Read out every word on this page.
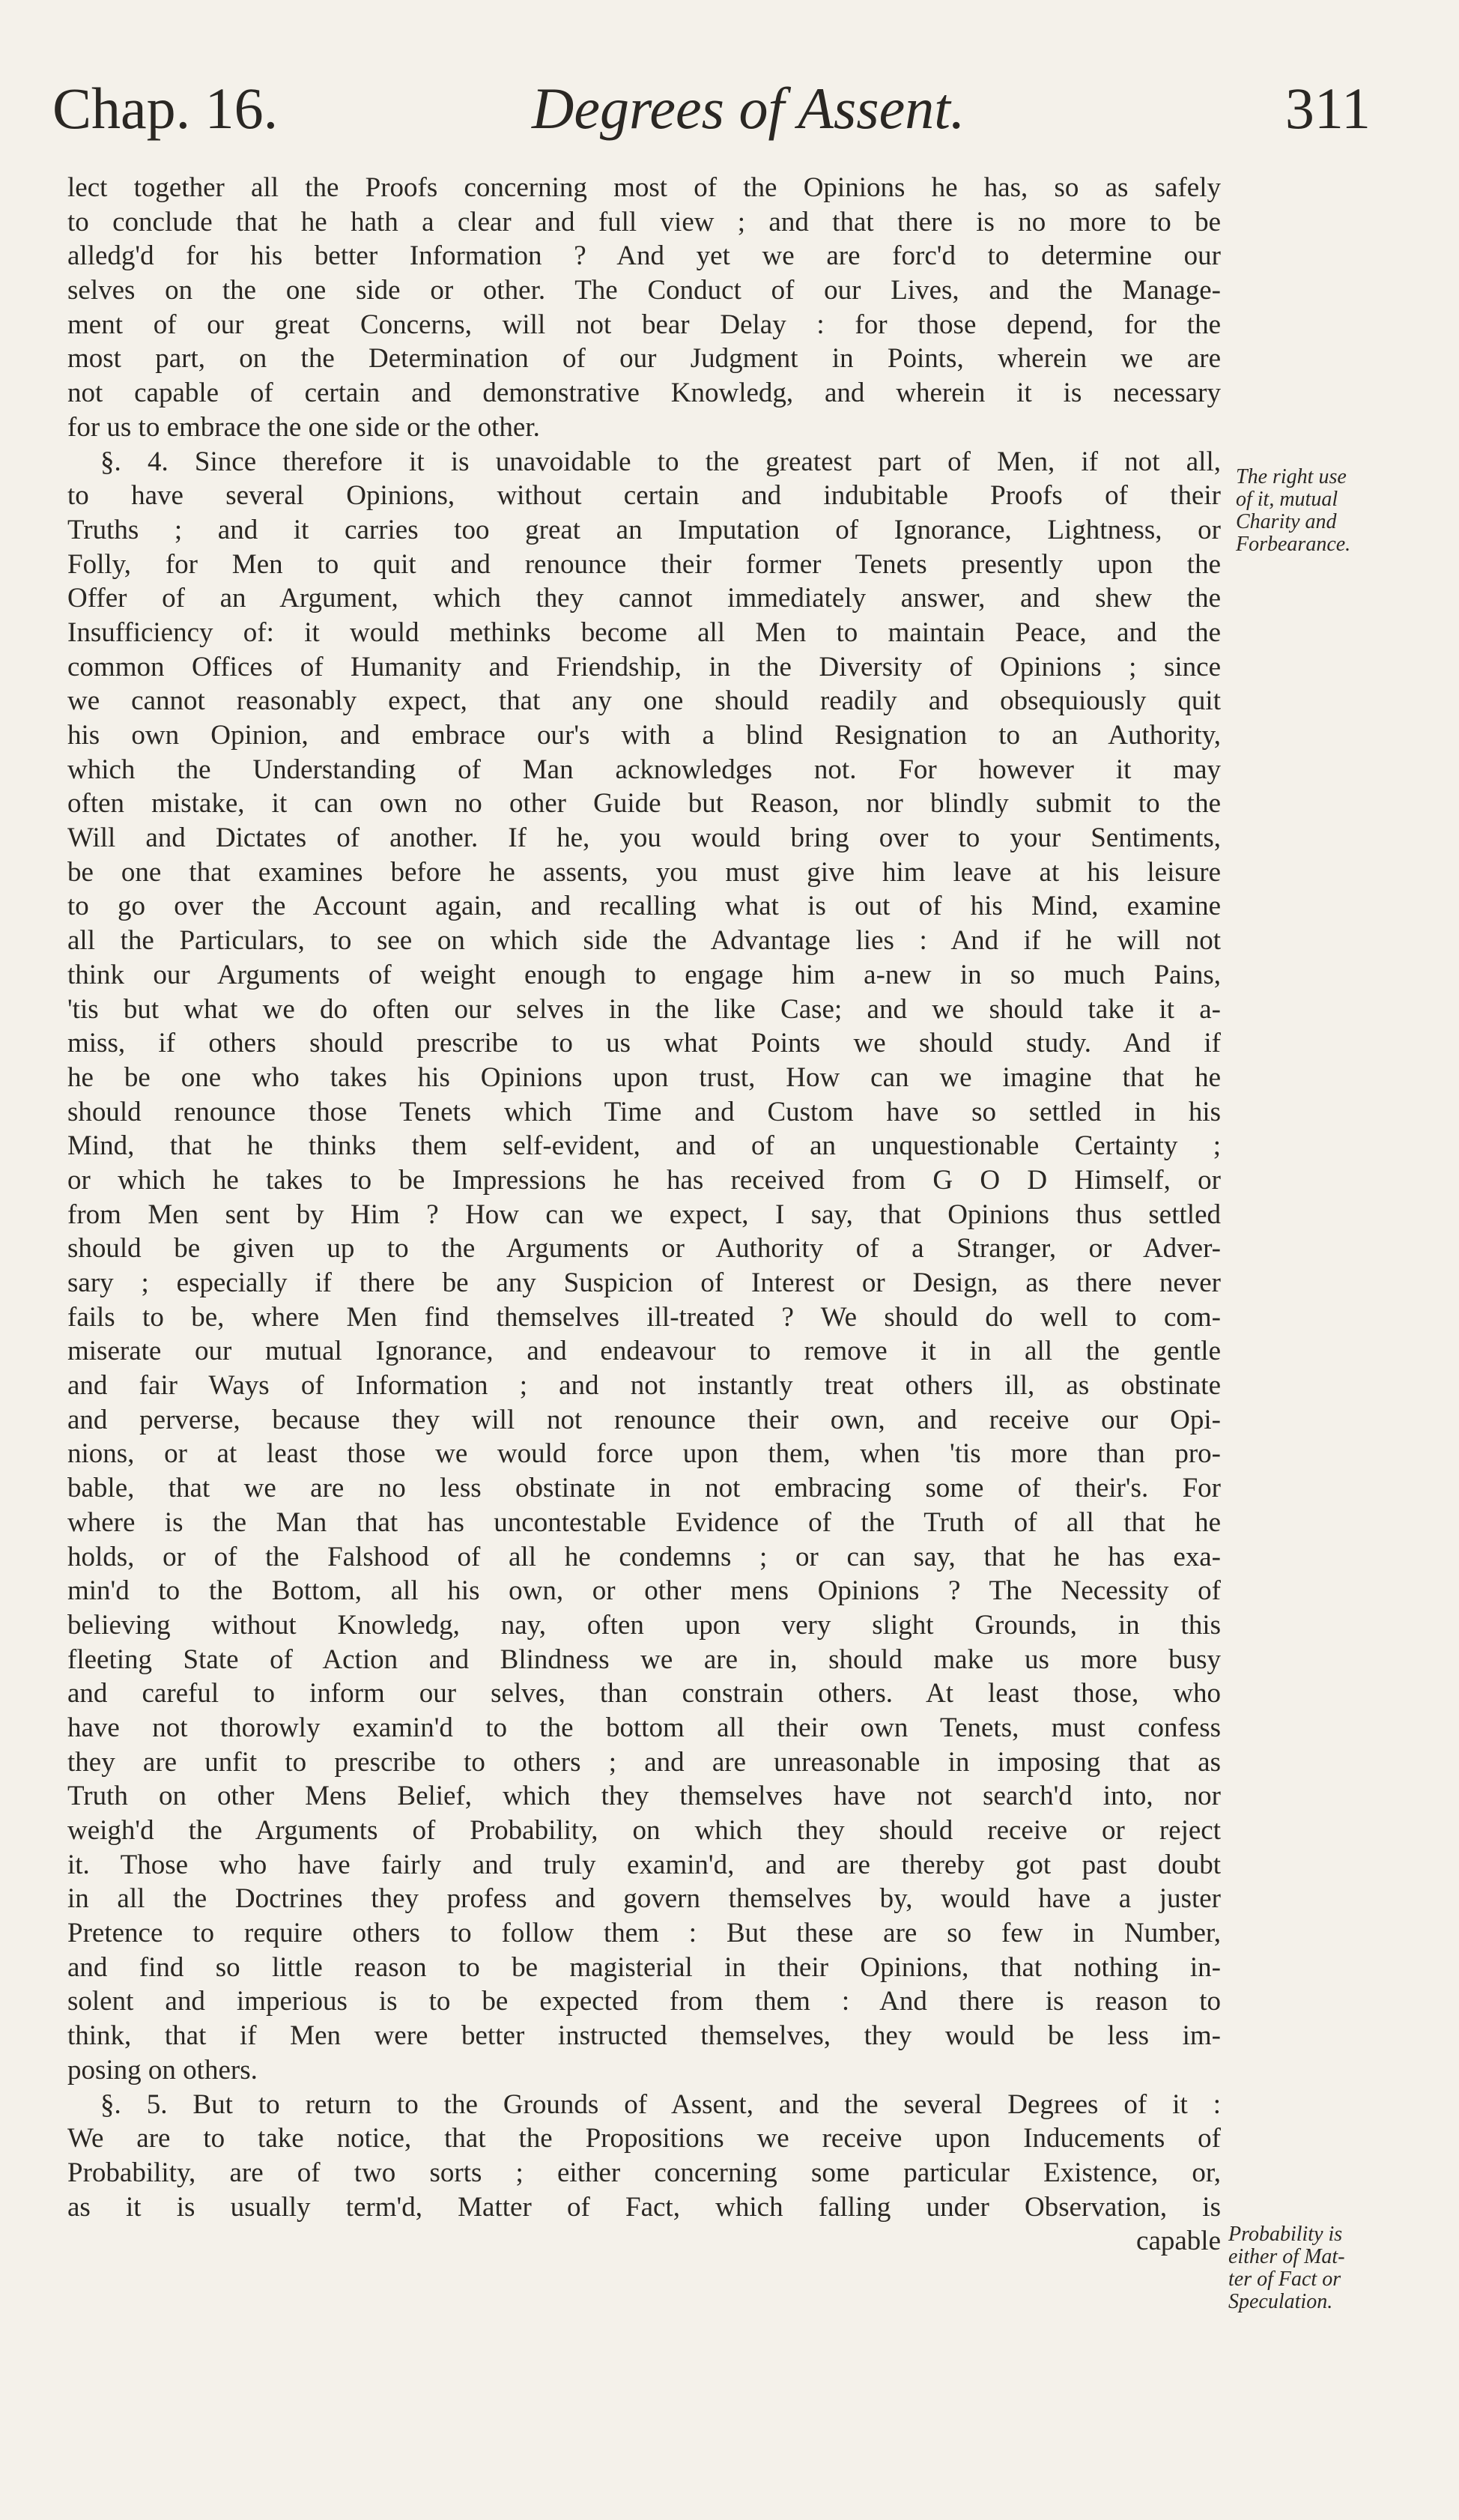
Chap. 16.	Degrees of Assent.	311
lect together all the Proofs concerning most of the Opinions he has, so as safely
to conclude that he hath a clear and full view ; and that there is no more to be
alledg'd for his better Information ? And yet we are forc'd to determine our
selves on the one side or other. The Conduct of our Lives, and the Manage-
ment of our great Concerns, will not bear Delay : for those depend, for the
most part, on the Determination of our Judgment in Points, wherein we are
not capable of certain and demonstrative Knowledg, and wherein it is necessary
for us to embrace the one side or the other.
§. 4. Since therefore it is unavoidable to the greatest part of Men, if not all,
to have several Opinions, without certain and indubitable Proofs of their
Truths ; and it carries too great an Imputation of Ignorance, Lightness, or
Folly, for Men to quit and renounce their former Tenets presently upon the
Offer of an Argument, which they cannot immediately answer, and shew the
Insufficiency of: it would methinks become all Men to maintain Peace, and the
common Offices of Humanity and Friendship, in the Diversity of Opinions ; since
we cannot reasonably expect, that any one should readily and obsequiously quit
his own Opinion, and embrace our's with a blind Resignation to an Authority,
which the Understanding of Man acknowledges not. For however it may
often mistake, it can own no other Guide but Reason, nor blindly submit to the
Will and Dictates of another. If he, you would bring over to your Sentiments,
be one that examines before he assents, you must give him leave at his leisure
to go over the Account again, and recalling what is out of his Mind, examine
all the Particulars, to see on which side the Advantage lies : And if he will not
think our Arguments of weight enough to engage him a-new in so much Pains,
'tis but what we do often our selves in the like Case; and we should take it a-
miss, if others should prescribe to us what Points we should study. And if
he be one who takes his Opinions upon trust, How can we imagine that he
should renounce those Tenets which Time and Custom have so settled in his
Mind, that he thinks them self-evident, and of an unquestionable Certainty ;
or which he takes to be Impressions he has received from G O D Himself, or
from Men sent by Him ? How can we expect, I say, that Opinions thus settled
should be given up to the Arguments or Authority of a Stranger, or Adver-
sary ; especially if there be any Suspicion of Interest or Design, as there never
fails to be, where Men find themselves ill-treated ? We should do well to com-
miserate our mutual Ignorance, and endeavour to remove it in all the gentle
and fair Ways of Information ; and not instantly treat others ill, as obstinate
and perverse, because they will not renounce their own, and receive our Opi-
nions, or at least those we would force upon them, when 'tis more than pro-
bable, that we are no less obstinate in not embracing some of their's. For
where is the Man that has uncontestable Evidence of the Truth of all that he
holds, or of the Falshood of all he condemns ; or can say, that he has exa-
min'd to the Bottom, all his own, or other mens Opinions ? The Necessity of
believing without Knowledg, nay, often upon very slight Grounds, in this
fleeting State of Action and Blindness we are in, should make us more busy
and careful to inform our selves, than constrain others. At least those, who
have not thorowly examin'd to the bottom all their own Tenets, must confess
they are unfit to prescribe to others ; and are unreasonable in imposing that as
Truth on other Mens Belief, which they themselves have not search'd into, nor
weigh'd the Arguments of Probability, on which they should receive or reject
it. Those who have fairly and truly examin'd, and are thereby got past doubt
in all the Doctrines they profess and govern themselves by, would have a juster
Pretence to require others to follow them : But these are so few in Number,
and find so little reason to be magisterial in their Opinions, that nothing in-
solent and imperious is to be expected from them : And there is reason to
think, that if Men were better instructed themselves, they would be less im-
posing on others.
§. 5. But to return to the Grounds of Assent, and the several Degrees of it :
We are to take notice, that the Propositions we receive upon Inducements of
Probability, are of two sorts ; either concerning some particular Existence, or,
as it is usually term'd, Matter of Fact, which falling under Observation, is
capable
The right use
of it, mutual
Charity and
Forbearance.
Probability is
either of Mat-
ter of Fact or
Speculation.
